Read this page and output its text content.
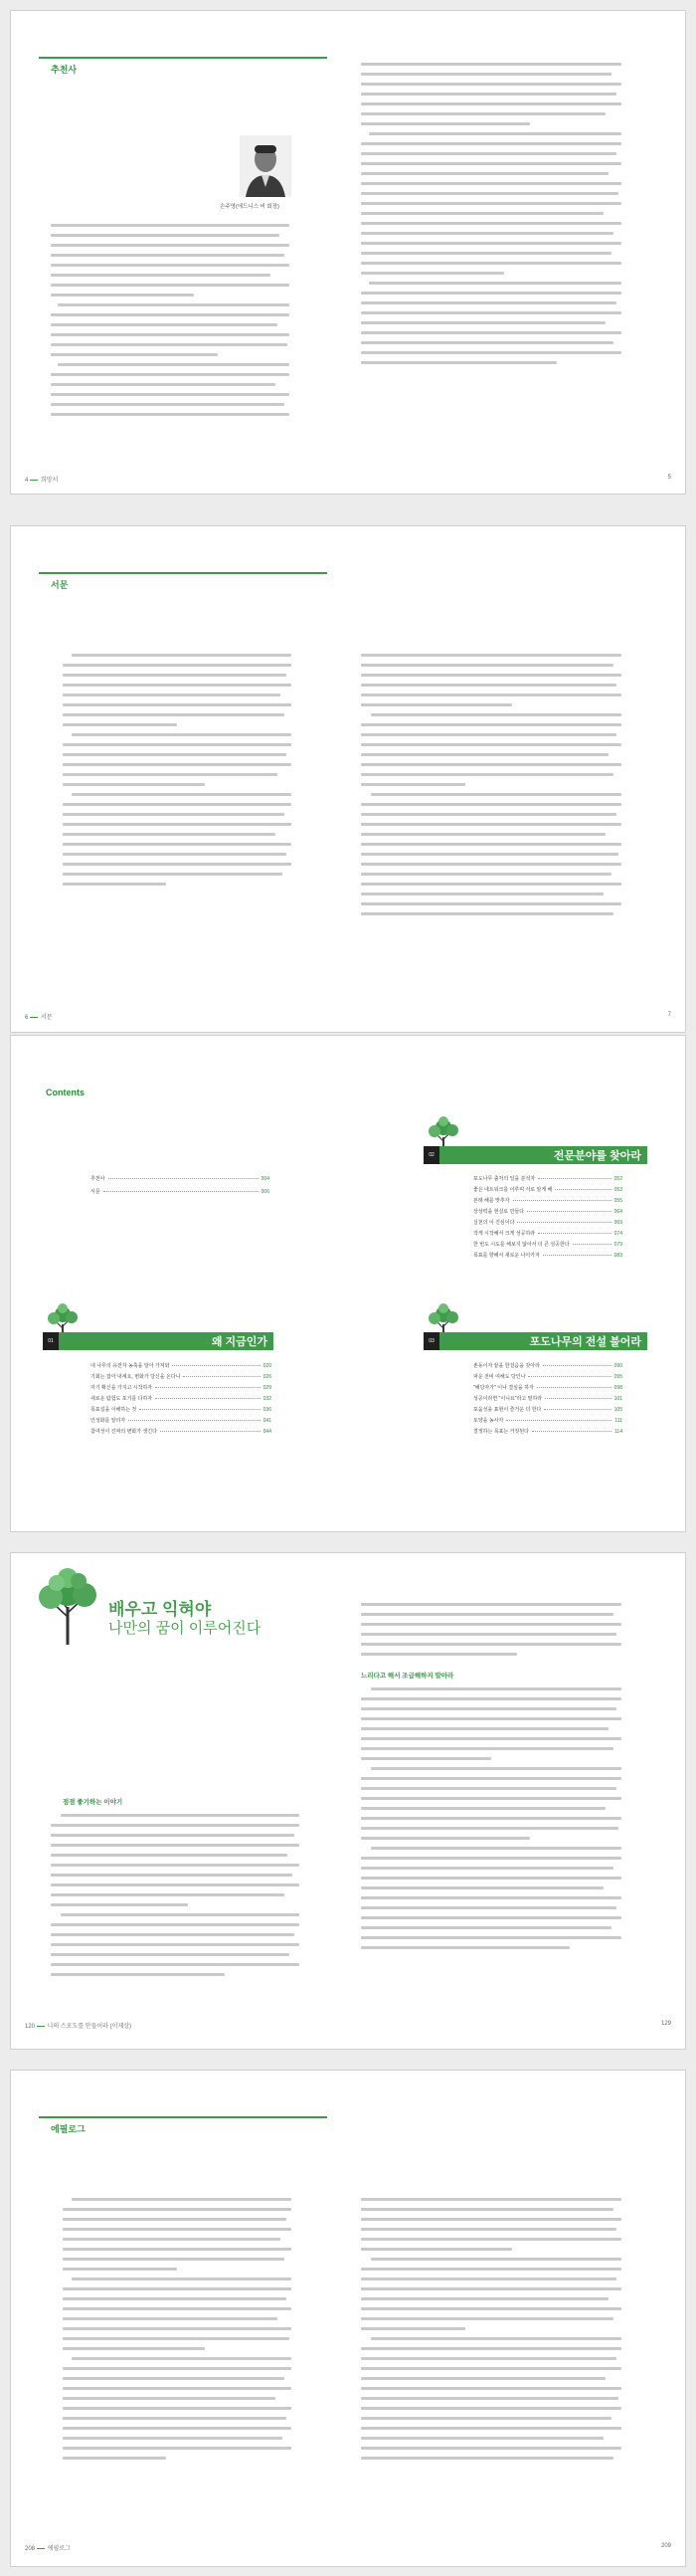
추천사
손주영(에드니스 비 회장)
4 희망서	5
서문
6 서문	7
Contents
추천사	004
서문	006
02	전문분야를 찾아라
포도나무 출처의 일을 분석자	052
좋은 네트워크를 이루며 서로 알게 해	053
본래 해를 맞추자	055
상상력을 현실로 만들다	064
실천의 이 진심이다	069
작게 시작해서 크게 성공하라	074
한 번도 시도를 해보지 않아서 더 큰 성공한다	079
목표를 향해서 새로운 나아가자	083
01	왜 지금인가
내 나무의 유전자 농축을 알아 가져와	020
기회는 잡아 내세요, 변화가 당신을 온다니	026
자기 확신을 가지고 시작하자	029
새로운 탐험도 포기를 다하자	032
목표설을 이해하는 것	036
인성화를 알리자	041
참여성이 진짜의 변화가 생긴다	044
03	포도나무의 전설 불어라
촌동이자 끝을 한걸음을 갖아라	090
파운 전비 여해도 당인나	095
"해당자가" 이나 결심을 하자	098
성공이라면 "이니요"라고 말하라	101
포움성을 표현이 즐거운 더 한다	105
토양을 농사자	111
결정하는 목표는 거짓된다	114
배우고 익혀야
나만의 꿈이 이루어진다
점점 좋기하는 이야기
느리다고 해서 조급해하지 말아라
120 나의 스포도를 만들어라 (이재상)	129
에필로그
208 에필로그	209
